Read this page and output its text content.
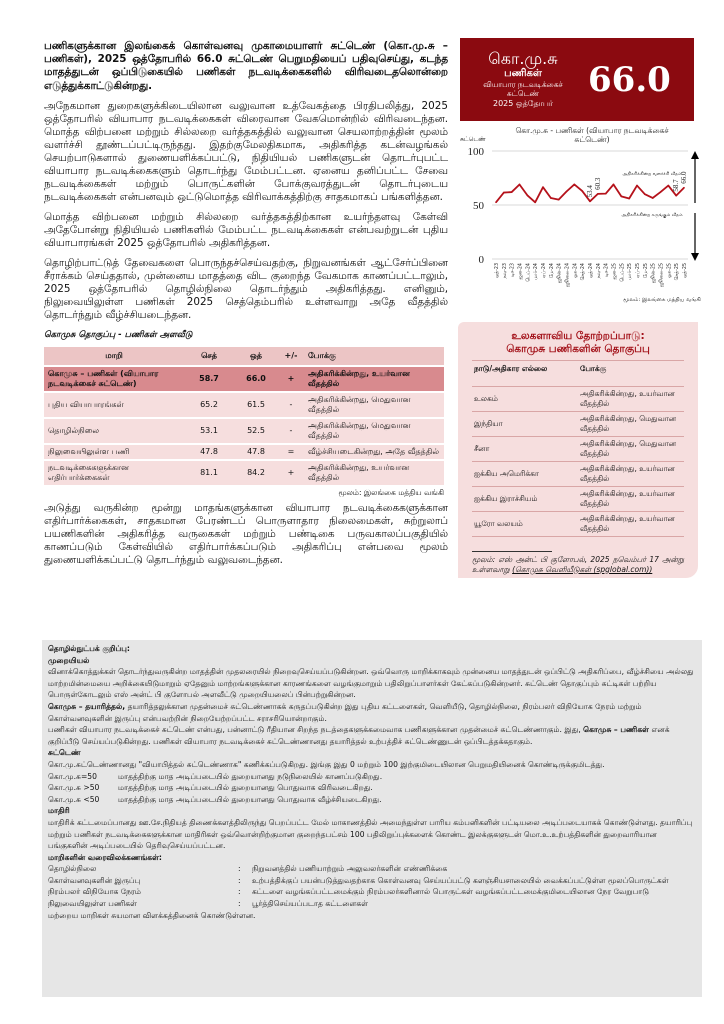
பணிகளுக்கான இலங்கைக் கொள்வனவு முகாமையாளர் சுட்டெண் (கொ.மு.சு – பணிகள்), 2025 ஒத்தோபரில் 66.0 சுட்டெண் பெறுமதியைப் பதிவுசெய்து, கடந்த மாதத்துடன் ஒப்பிடுகையில் பணிகள் நடவடிக்கைகளில் விரிவடைதலொன்றை எடுத்துக்காட்டுகின்றது.

அநேகமான துறைகளுக்கிடையிலான வலுவான உத்வேகத்தை பிரதிபலித்து, 2025 ஒத்தோபரில் வியாபார நடவடிக்கைகள் விரைவான வேகமொன்றில் விரிவடைந்தன. மொத்த விற்பனை மற்றும் சில்லறை வர்த்தகத்தில் வலுவான செயலாற்றத்தின் மூலம் வளர்ச்சி தூண்டப்பட்டிருந்தது. இதற்குமேலதிகமாக, அதிகரித்த கடன்வழங்கல் செயற்பாடுகளால் துணையளிக்கப்பட்டு, நிதியியல் பணிகளுடன் தொடர்புபட்ட வியாபார நடவடிக்கைகளும் தொடர்ந்து மேம்பட்டன. ஏனைய தனிப்பட்ட சேவை நடவடிக்கைகள் மற்றும் பொருட்களின் போக்குவரத்துடன் தொடர்புடைய நடவடிக்கைகள் என்பனவும் ஒட்டுமொத்த விரிவாக்கத்திற்கு சாதகமாகப் பங்களித்தன.

மொத்த விற்பனை மற்றும் சில்லறை வர்த்தகத்திற்கான உயர்ந்தளவு கேள்வி அதேபோன்று நிதியியல் பணிகளில் மேம்பட்ட நடவடிக்கைகள் என்பவற்றுடன் புதிய வியாபாரங்கள் 2025 ஒத்தோபரில் அதிகரித்தன.

தொழிற்பாட்டுத் தேவைகளை பொருந்தச்செய்வதற்கு, நிறுவனங்கள் ஆட்சேர்ப்பினை சீராக்கம் செய்ததால், முன்னைய மாதத்தை விட குறைந்த வேகமாக காணப்பட்டாலும், 2025 ஒத்தோபரில் தொழில்நிலை தொடர்ந்தும் அதிகரித்தது. எனினும், நிலுவையிலுள்ள பணிகள் 2025 செத்தெம்பரில் உள்ளவாறு அதே வீதத்தில் தொடர்ந்தும் வீழ்ச்சியடைந்தன.

கொமுசு தொகுப்பு - பணிகள் அளவீடு
மாறி	செத்	ஒத்	+/-	போக்கு
கொமுசு – பணிகள் (வியாபார நடவடிக்கைச் சுட்டெண்)	58.7	66.0	+	அதிகரிக்கின்றது, உயர்வான வீதத்தில்
புதிய வியாபாரங்கள்	65.2	61.5	-	அதிகரிக்கின்றது, மெதுவான வீதத்தில்
தொழில்நிலை	53.1	52.5	-	அதிகரிக்கின்றது, மெதுவான வீதத்தில்
நிலுவையிலுள்ள பணி	47.8	47.8	=	வீழ்ச்சியடைகின்றது, அதே வீதத்தில்
நடவடிக்கைகளுக்கான எதிர்பார்க்கைகள்	81.1	84.2	+	அதிகரிக்கின்றது, உயர்வான வீதத்தில்
மூலம்: இலங்கை மத்திய வங்கி

அடுத்து வருகின்ற மூன்று மாதங்களுக்கான வியாபார நடவடிக்கைகளுக்கான எதிர்பார்க்கைகள், சாதகமான பேரண்டப் பொருளாதார நிலைமைகள், சுற்றுலாப் பயணிகளின் அதிகரித்த வருகைகள் மற்றும் பண்டிகை பருவகாலப்பகுதியில் காணப்படும் கேள்வியில் எதிர்பார்க்கப்படும் அதிகரிப்பு என்பவை மூலம் துணையளிக்கப்பட்டு தொடர்ந்தும் வலுவடைந்தன.

கொ.மு.சு
பணிகள்
வியாபார நடவடிக்கைச்
சுட்டெண்
2025 ஒத்தோபர்
66.0
கொ.மு.சு - பணிகள் (வியாபார நடவடிக்கைச்
சுட்டெண்)
சுட்டெண்
0
50
100
அதிகரிக்கின்ற வளர்ச்சி வீதம்
அதிகரிக்கின்ற சுருங்கும் வீதம்
53.4
60.3	58.7
66.0
ஒத்-23 நவ-23 டிச-23 ஜன-24 பெப்-24 மார்-24 ஏப்-24 மே-24 ஜூன்-24 ஜூலை-24 ஓக-24 செத்-24 ஒத்-24 நவ-24 டிச-24 ஜன-25 பெப்-25 மார்-25 ஏப்-25 மே-25 ஜூன்-25 ஜூலை-25 ஓக-25 செத்-25 ஒத்-25
மூலம்: இலங்கை மத்திய வங்கி
உலகளாவிய தோற்றப்பாடு:
கொமுசு பணிகளின் தொகுப்பு
நாடு/அதிகார எல்லை	போக்கு
உலகம்	அதிகரிக்கின்றது, உயர்வான வீதத்தில்
இந்தியா	அதிகரிக்கின்றது, மெதுவான வீதத்தில்
சீனா	அதிகரிக்கின்றது, மெதுவான வீதத்தில்
ஐக்கிய அமெரிக்கா	அதிகரிக்கின்றது, உயர்வான வீதத்தில்
ஐக்கிய இராச்சியம்	அதிகரிக்கின்றது, உயர்வான வீதத்தில்
யூரோ வலயம்	அதிகரிக்கின்றது, உயர்வான வீதத்தில்
மூலம்: எஸ் அன்ட் பி குளோபல், 2025 நவெம்பர் 17 அன்று உள்ளவாறு (கொமுசு வெளியீடுகள் (spglobal.com))
தொழில்நுட்பக் குறிப்பு:
முறையியல்
வினாக்கொத்துக்கள் தொடர்ந்துவருகின்ற மாதத்தின் முதலரையில் நிறைவுசெய்யப்படுகின்றன. ஒவ்வொரு மாறிக்காகவும் முன்னைய மாதத்துடன் ஒப்பிட்டு அதிகரிப்பை, வீழ்ச்சியை அல்லது மாற்றமின்மையை அறிக்கையிடுமாறும் ஏதேனும் மாற்றங்களுக்கான காரணங்களை வழங்குமாறும் பதிலிறுப்பாளர்கள் கேட்கப்படுகின்றனர். சுட்டெண் தொகுப்பும் சுட்டிகள் பற்றிய பொருள்கோடலும் எஸ் அன்ட் பி குளோபல் அளவீட்டு முறையியலைப் பின்பற்றுகின்றன.
கொமுசு – தயாரித்தல், தயாரித்தலுக்கான முதன்மைச் சுட்டெண்ணாகக் கருதப்படுகின்ற இது புதிய கட்டளைகள், வெளியீடு, தொழில்நிலை, நிரம்பலர் விநியோக நேரம் மற்றும் கொள்வனவுகளின் இருப்பு என்பவற்றின் நிறையேற்றப்பட்ட சராசரியொன்றாகும்.
பணிகள் வியாபார நடவடிக்கைச் சுட்டெண் என்பது, பன்னாட்டு ரீதியான சிறந்த நடத்தைகளுக்கமைவாக பணிகளுக்கான முதன்மைச் சுட்டெண்ணாகும். இது, கொமுசு – பணிகள் எனக் குறிப்பீடு செய்யப்படுகின்றது. பணிகள் வியாபார நடவடிக்கைச் சுட்டெண்ணானது தயாரித்தல் உற்பத்திச் சுட்டெண்ணுடன் ஒப்பிடத்தக்கதாகும்.
சுட்டெண்
கொ.மு.சுட்டெண்ணானது "வியாபித்தல் சுட்டெண்ணாக" கணிக்கப்படுகிறது. இங்கு இது 0 மற்றும் 100 இற்குமிடையிலான பெறுமதியினைக் கொண்டிருக்குமிடத்து.
கொ.மு.சு=50	மாதத்திற்கு மாத அடிப்படையில் துறையானது நடுநிலையில் காணப்படுகிறது.
கொ.மு.சு >50	மாதத்திற்கு மாத அடிப்படையில் துறையானது பொதுவாக விரிவடைகிறது.
கொ.மு.சு <50	மாதத்திற்கு மாத அடிப்படையில் துறையானது பொதுவாக வீழ்ச்சியடைகிறது.
மாதிரி
மாதிரிக் கட்டமைப்பானது ஊ.சே.நிதியத் திணைக்களத்திலிருந்து பெறப்பட்ட மேல் மாகாணத்தில் அமைந்துள்ள பாரிய கம்பனிகளின் பட்டியலை அடிப்படையாகக் கொண்டுள்ளது. தயாரிப்பு மற்றும் பணிகள் நடவடிக்கைகளுக்கான மாதிரிகள் ஒவ்வொன்றிற்குமான குறைந்தபட்சம் 100 பதிலிறுப்புக்களைக் கொண்ட இலக்குகளுடன் மொ.உ.உற்பத்திகளின் துறைவாரியான பங்குகளின் அடிப்படையில் தெரிவுசெய்யப்பட்டன.
மாறிகளின் வரைவிலக்கணங்கள்:
தொழில்நிலை	:	நிறுவனத்தில் பணியாற்றும் அலுவலர்களின் எண்ணிக்கை
கொள்வனவுகளின் இருப்பு	:	உற்பத்திக்குப் பயன்படுத்துவதற்காக கொள்வனவு செய்யப்பட்டு களஞ்சியசாலையில் வைக்கப்பட்டுள்ள மூலப்பொருட்கள்
நிரம்பலர் விநியோக நேரம்	:	கட்டளை வழங்கப்பட்டமைக்கும் நிரம்பலர்களினால் பொருட்கள் வழங்கப்பட்டமைக்குமிடையிலான நேர வேறுபாடு
நிலுவையிலுள்ள பணிகள்	:	பூர்த்திசெய்யப்படாத கட்டளைகள்
மற்றைய மாறிகள் சுயமான விளக்கத்தினைக் கொண்டுள்ளன.
